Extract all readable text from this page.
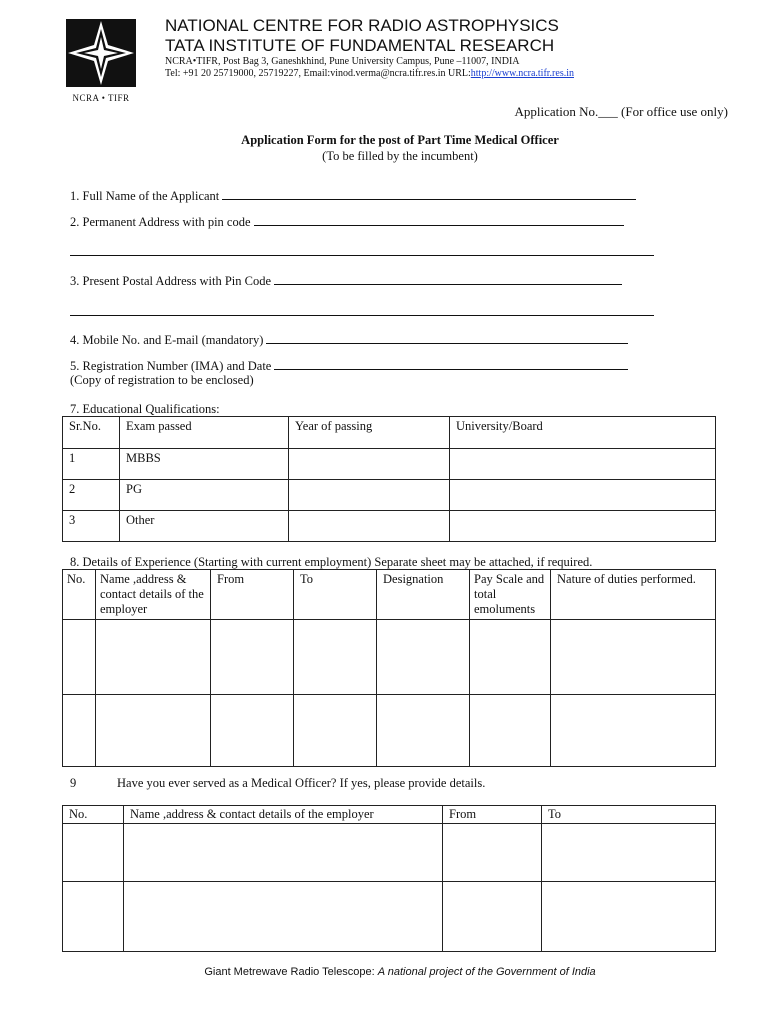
NCRA • TIFR
NATIONAL CENTRE FOR RADIO ASTROPHYSICS
TATA INSTITUTE OF FUNDAMENTAL RESEARCH
NCRA•TIFR, Post Bag 3, Ganeshkhind, Pune University Campus, Pune –11007, INDIA
Tel: +91 20 25719000, 25719227, Email:vinod.verma@ncra.tifr.res.in URL:http://www.ncra.tifr.res.in
Application No.___ (For office use only)
Application Form for the post of Part Time Medical Officer
(To be filled by the incumbent)
1. Full Name of the Applicant
2. Permanent Address with pin code
3. Present Postal Address with Pin Code
4. Mobile No. and E-mail (mandatory)
5. Registration Number (IMA) and Date
(Copy of registration to be enclosed)
7. Educational Qualifications:
Sr.No.	Exam passed	Year of passing	University/Board
1	MBBS		
2	PG		
3	Other		
8. Details of Experience (Starting with current employment) Separate sheet may be attached, if required.
No.	Name ,address & contact details of the employer	From	To	Designation	Pay Scale and total emoluments	Nature of duties performed.

9	Have you ever served as a Medical Officer? If yes, please provide details.
No.	Name ,address & contact details of the employer	From	To

Giant Metrewave Radio Telescope: A national project of the Government of India
